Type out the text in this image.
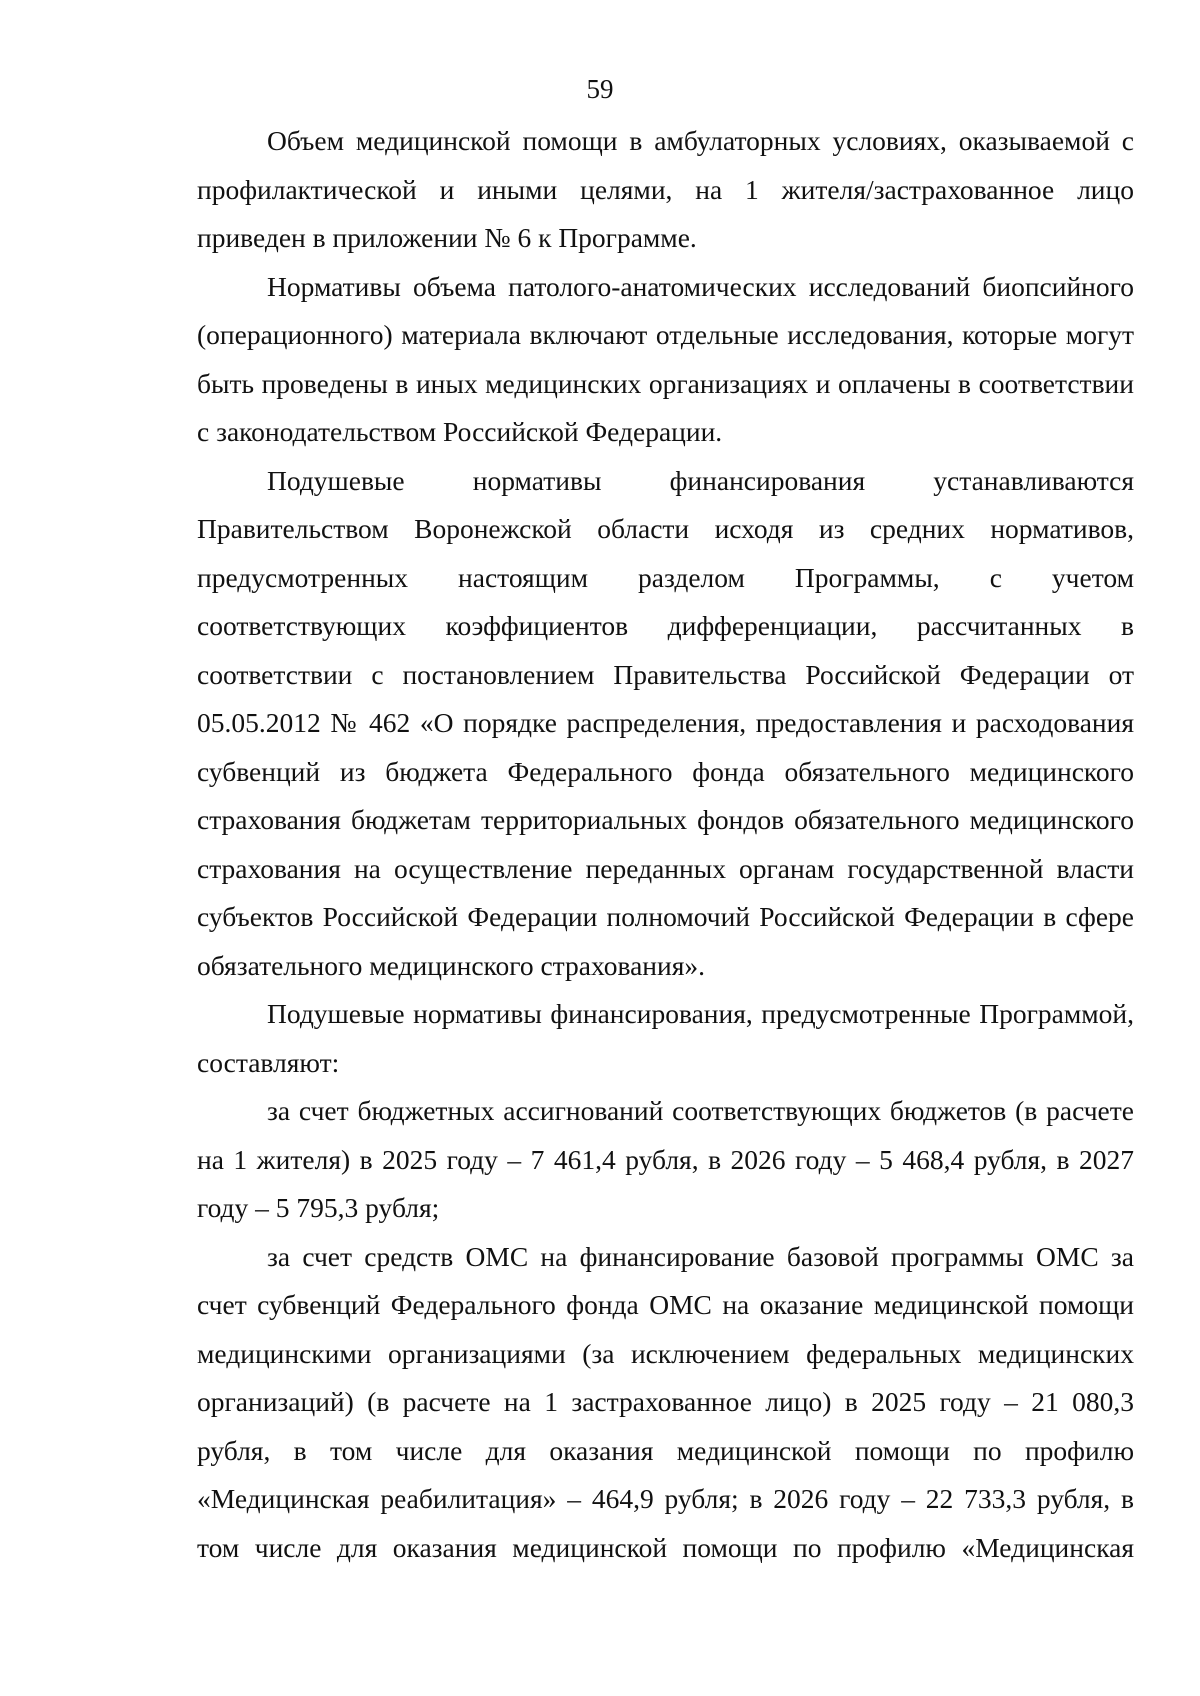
59

Объем медицинской помощи в амбулаторных условиях, оказываемой с профилактической и иными целями, на 1 жителя/застрахованное лицо приведен в приложении № 6 к Программе.

Нормативы объема патолого-анатомических исследований биопсийного (операционного) материала включают отдельные исследования, которые могут быть проведены в иных медицинских организациях и оплачены в соответствии с законодательством Российской Федерации.

Подушевые нормативы финансирования устанавливаются Правительством Воронежской области исходя из средних нормативов, предусмотренных настоящим разделом Программы, с учетом соответствующих коэффициентов дифференциации, рассчитанных в соответствии с постановлением Правительства Российской Федерации от 05.05.2012 № 462 «О порядке распределения, предоставления и расходования субвенций из бюджета Федерального фонда обязательного медицинского страхования бюджетам территориальных фондов обязательного медицинского страхования на осуществление переданных органам государственной власти субъектов Российской Федерации полномочий Российской Федерации в сфере обязательного медицинского страхования».

Подушевые нормативы финансирования, предусмотренные Программой, составляют:

за счет бюджетных ассигнований соответствующих бюджетов (в расчете на 1 жителя) в 2025 году – 7 461,4 рубля, в 2026 году – 5 468,4 рубля, в 2027 году – 5 795,3 рубля;

за счет средств ОМС на финансирование базовой программы ОМС за счет субвенций Федерального фонда ОМС на оказание медицинской помощи медицинскими организациями (за исключением федеральных медицинских организаций) (в расчете на 1 застрахованное лицо) в 2025 году – 21 080,3 рубля, в том числе для оказания медицинской помощи по профилю «Медицинская реабилитация» – 464,9 рубля; в 2026 году – 22 733,3 рубля, в том числе для оказания медицинской помощи по профилю «Медицинская
